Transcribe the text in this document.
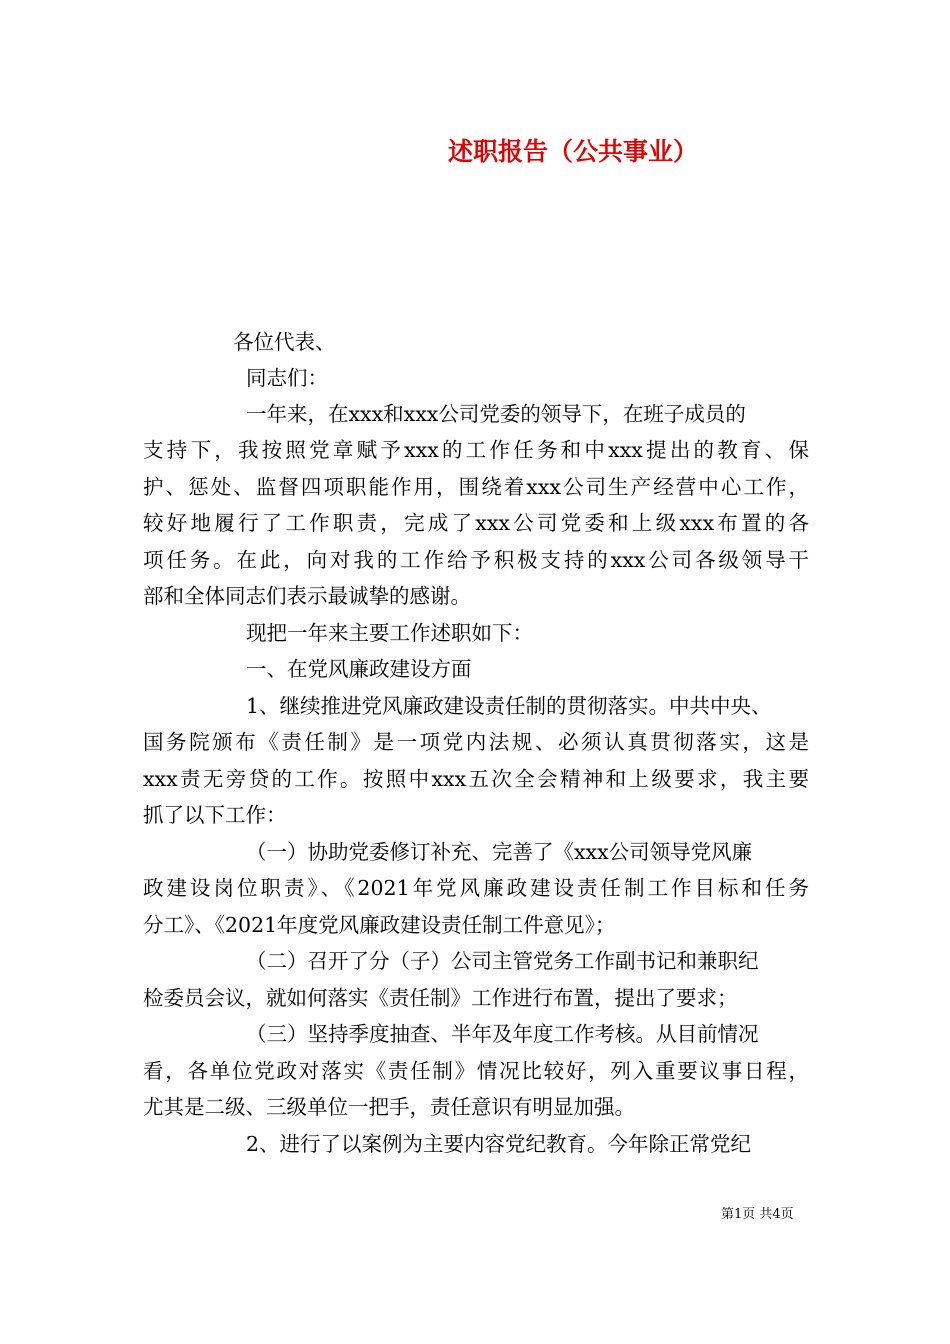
述职报告（公共事业）
各位代表、
同志们：
一年来，在xxx和xxx公司党委的领导下，在班子成员的
支持下，我按照党章赋予xxx的工作任务和中xxx提出的教育、保
护、惩处、监督四项职能作用，围绕着xxx公司生产经营中心工作，
较好地履行了工作职责，完成了xxx公司党委和上级xxx布置的各
项任务。在此，向对我的工作给予积极支持的xxx公司各级领导干
部和全体同志们表示最诚挚的感谢。
现把一年来主要工作述职如下：
一、在党风廉政建设方面
1、继续推进党风廉政建设责任制的贯彻落实。中共中央、
国务院颁布《责任制》是一项党内法规、必须认真贯彻落实，这是
xxx责无旁贷的工作。按照中xxx五次全会精神和上级要求，我主要
抓了以下工作：
（一）协助党委修订补充、完善了《xxx公司领导党风廉
政建设岗位职责》、《2021年党风廉政建设责任制工作目标和任务
分工》、《2021年度党风廉政建设责任制工件意见》；
（二）召开了分（子）公司主管党务工作副书记和兼职纪
检委员会议，就如何落实《责任制》工作进行布置，提出了要求；
（三）坚持季度抽查、半年及年度工作考核。从目前情况
看，各单位党政对落实《责任制》情况比较好，列入重要议事日程，
尤其是二级、三级单位一把手，责任意识有明显加强。
2、进行了以案例为主要内容党纪教育。今年除正常党纪
第1页 共4页
